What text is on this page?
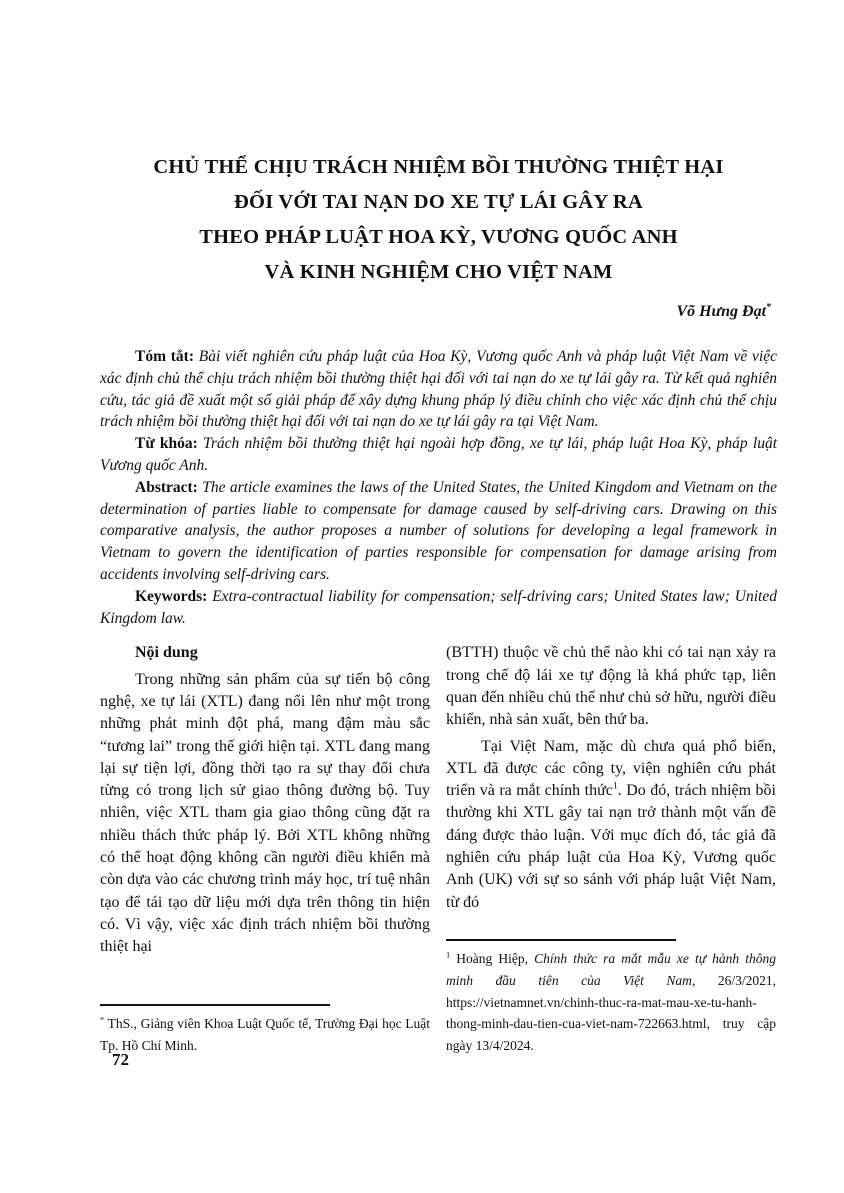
CHỦ THỂ CHỊU TRÁCH NHIỆM BỒI THƯỜNG THIỆT HẠI
ĐỐI VỚI TAI NẠN DO XE TỰ LÁI GÂY RA
THEO PHÁP LUẬT HOA KỲ, VƯƠNG QUỐC ANH
VÀ KINH NGHIỆM CHO VIỆT NAM
Võ Hưng Đạt*

Tóm tắt: Bài viết nghiên cứu pháp luật của Hoa Kỳ, Vương quốc Anh và pháp luật Việt Nam về việc xác định chủ thể chịu trách nhiệm bồi thường thiệt hại đối với tai nạn do xe tự lái gây ra. Từ kết quả nghiên cứu, tác giả đề xuất một số giải pháp để xây dựng khung pháp lý điều chỉnh cho việc xác định chủ thể chịu trách nhiệm bồi thường thiệt hại đối với tai nạn do xe tự lái gây ra tại Việt Nam.

Từ khóa: Trách nhiệm bồi thường thiệt hại ngoài hợp đồng, xe tự lái, pháp luật Hoa Kỳ, pháp luật Vương quốc Anh.

Abstract: The article examines the laws of the United States, the United Kingdom and Vietnam on the determination of parties liable to compensate for damage caused by self-driving cars. Drawing on this comparative analysis, the author proposes a number of solutions for developing a legal framework in Vietnam to govern the identification of parties responsible for compensation for damage arising from accidents involving self-driving cars.

Keywords: Extra-contractual liability for compensation; self-driving cars; United States law; United Kingdom law.

Nội dung

Trong những sản phẩm của sự tiến bộ công nghệ, xe tự lái (XTL) đang nổi lên như một trong những phát minh đột phá, mang đậm màu sắc “tương lai” trong thế giới hiện tại. XTL đang mang lại sự tiện lợi, đồng thời tạo ra sự thay đổi chưa từng có trong lịch sử giao thông đường bộ. Tuy nhiên, việc XTL tham gia giao thông cũng đặt ra nhiều thách thức pháp lý. Bởi XTL không những có thể hoạt động không cần người điều khiển mà còn dựa vào các chương trình máy học, trí tuệ nhân tạo để tái tạo dữ liệu mới dựa trên thông tin hiện có. Vì vậy, việc xác định trách nhiệm bồi thường thiệt hại

* ThS., Giảng viên Khoa Luật Quốc tế, Trường Đại học Luật Tp. Hồ Chí Minh.

(BTTH) thuộc về chủ thể nào khi có tai nạn xảy ra trong chế độ lái xe tự động là khá phức tạp, liên quan đến nhiều chủ thể như chủ sở hữu, người điều khiển, nhà sản xuất, bên thứ ba.

Tại Việt Nam, mặc dù chưa quá phổ biến, XTL đã được các công ty, viện nghiên cứu phát triển và ra mắt chính thức$^1$. Do đó, trách nhiệm bồi thường khi XTL gây tai nạn trở thành một vấn đề đáng được thảo luận. Với mục đích đó, tác giả đã nghiên cứu pháp luật của Hoa Kỳ, Vương quốc Anh (UK) với sự so sánh với pháp luật Việt Nam, từ đó

$^1$ Hoàng Hiệp, Chính thức ra mắt mẫu xe tự hành thông minh đầu tiên của Việt Nam, 26/3/2021, https://vietnamnet.vn/chinh-thuc-ra-mat-mau-xe-tu-hanh-thong-minh-dau-tien-cua-viet-nam-722663.html, truy cập ngày 13/4/2024.

72
